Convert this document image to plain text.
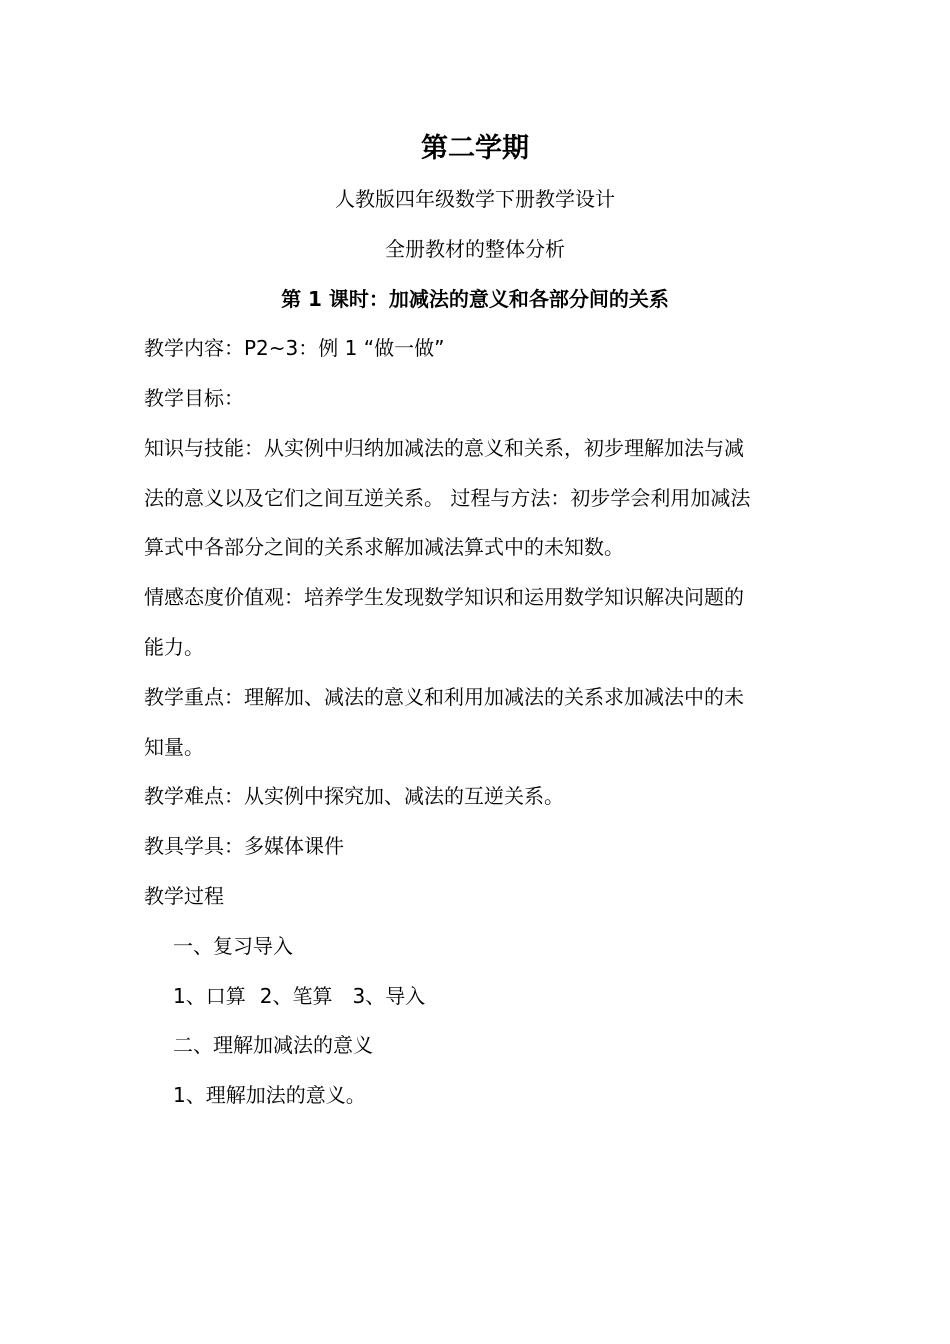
第二学期
人教版四年级数学下册教学设计
全册教材的整体分析
第 1 课时：加减法的意义和各部分间的关系
教学内容：P2~3：例 1 “做一做”
教学目标：
知识与技能：从实例中归纳加减法的意义和关系，初步理解加法与减
法的意义以及它们之间互逆关系。 过程与方法：初步学会利用加减法
算式中各部分之间的关系求解加减法算式中的未知数。
情感态度价值观：培养学生发现数学知识和运用数学知识解决问题的
能力。
教学重点：理解加、减法的意义和利用加减法的关系求加减法中的未
知量。
教学难点：从实例中探究加、减法的互逆关系。
教具学具：多媒体课件
教学过程
一、复习导入
1、口算 2、笔算 3、导入
二、理解加减法的意义
1、理解加法的意义。
